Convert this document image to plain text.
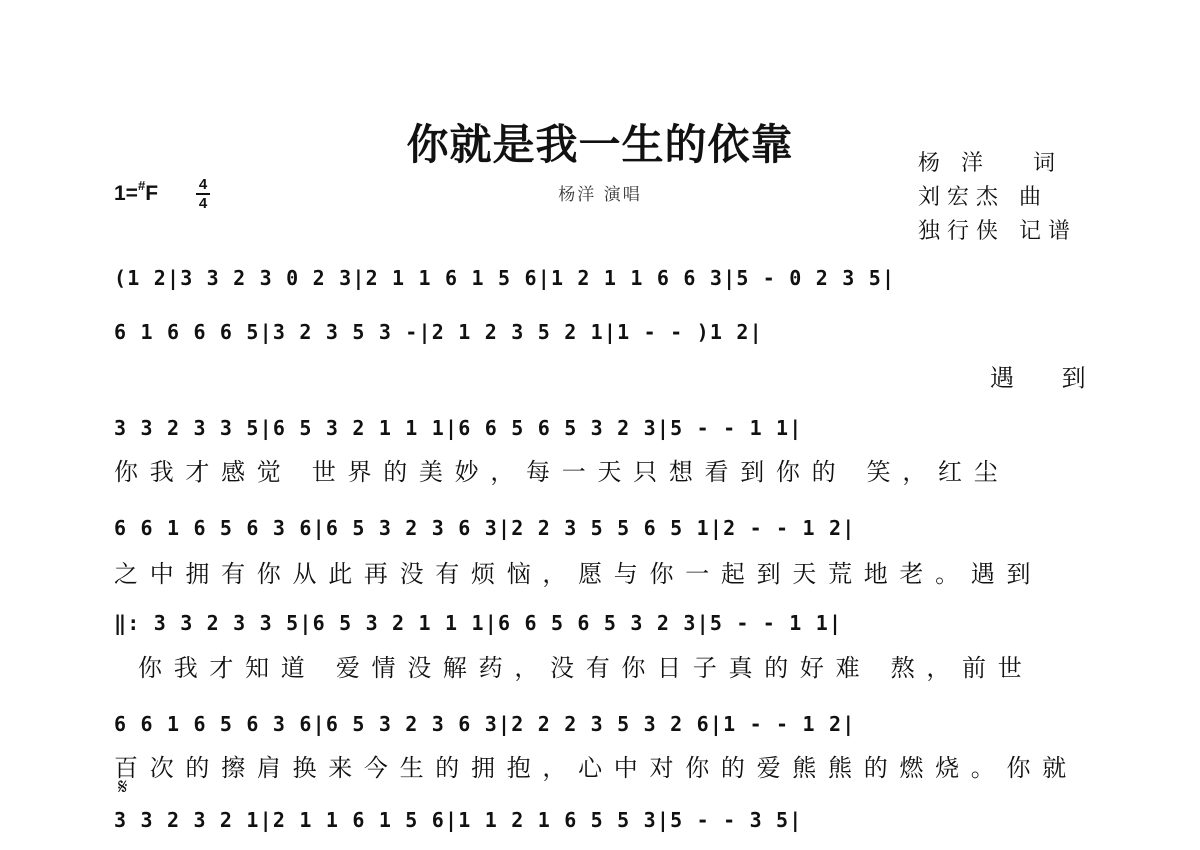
你就是我一生的依靠
杨洋 演唱
杨 洋　 词
刘宏杰 曲
独行侠 记谱
1=#F	4
4
(1 2|3 3 2 3 0 2 3|2 1 1 6 1 5 6|1 2 1 1 6 6 3|5 - 0 2 3 5|
6 1 6 6 6 5|3 2 3 5 3 -|2 1 2 3 5 2 1|1 - - )1 2|
遇 到
3 3 2 3 3 5|6 5 3 2 1 1 1|6 6 5 6 5 3 2 3|5 - - 1 1|
你我才感觉 世界的美妙，每一天只想看到你的 笑，红尘
6 6 1 6 5 6 3 6|6 5 3 2 3 6 3|2 2 3 5 5 6 5 1|2 - - 1 2|
之中拥有你从此再没有烦恼，愿与你一起到天荒地老。遇到
‖: 3 3 2 3 3 5|6 5 3 2 1 1 1|6 6 5 6 5 3 2 3|5 - - 1 1|
你我才知道 爱情没解药，没有你日子真的好难 熬，前世
6 6 1 6 5 6 3 6|6 5 3 2 3 6 3|2 2 2 3 5 3 2 6|1 - - 1 2|
百次的擦肩换来今生的拥抱，心中对你的爱熊熊的燃烧。你就
𝄋
3 3 2 3 2 1|2 1 1 6 1 5 6|1 1 2 1 6 5 5 3|5 - - 3 5|
